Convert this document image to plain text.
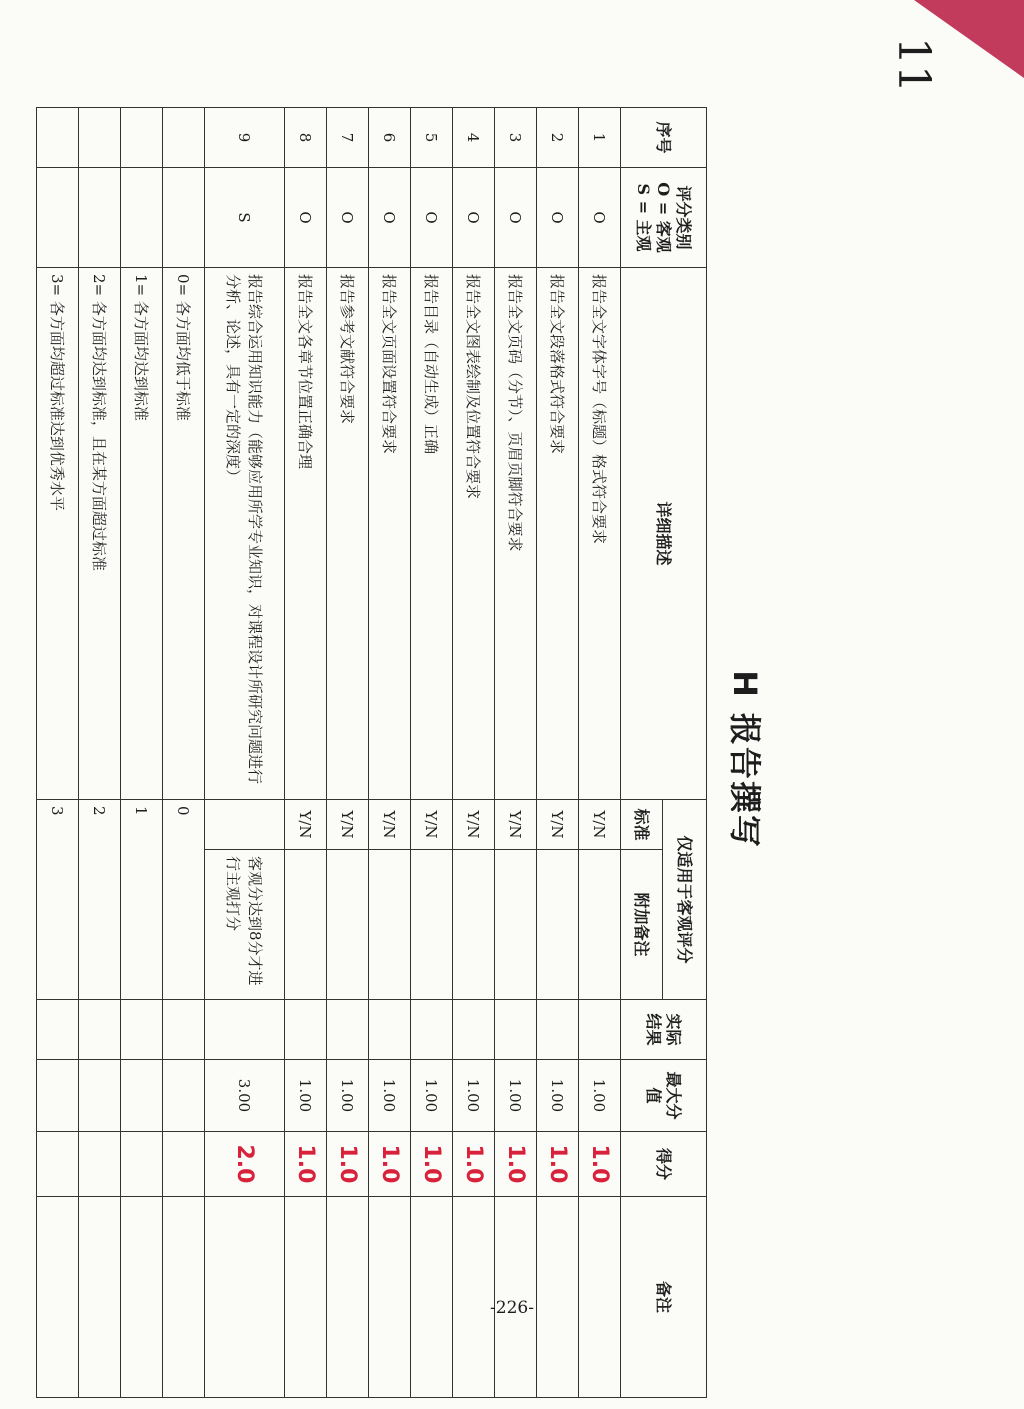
11
H报告撰写								
序号	评分类别
O = 客观
S = 主观	详细描述	仅适用于客观评分		实际结果	最大分值	得分	备注
			标准	附加备注				
1	O	报告全文字体字号（标题）格式符合要求	Y/N			1.00	1.0	
2	O	报告全文段落格式符合要求	Y/N			1.00	1.0	
3	O	报告全文页码（分节）、页眉页脚符合要求	Y/N			1.00	1.0	
4	O	报告全文图表绘制及位置符合要求	Y/N			1.00	1.0	
5	O	报告目录（自动生成）正确	Y/N			1.00	1.0	
6	O	报告全文页面设置符合要求	Y/N			1.00	1.0	
7	O	报告参考文献符合要求	Y/N			1.00	1.0	
8	O	报告全文各章节位置正确合理	Y/N			1.00	1.0	
9	S	报告综合运用知识能力（能够应用所学专业知识，对课程设计所研究问题进行分析、论述，具有一定的深度）		客观分达到8分才进行主观打分		3.00	2.0	
		0= 各方面均低于标准	0					
		1= 各方面均达到标准	1					
		2= 各方面均达到标准，且在某方面超过标准	2					
		3= 各方面均超过标准达到优秀水平	3					
-226-
